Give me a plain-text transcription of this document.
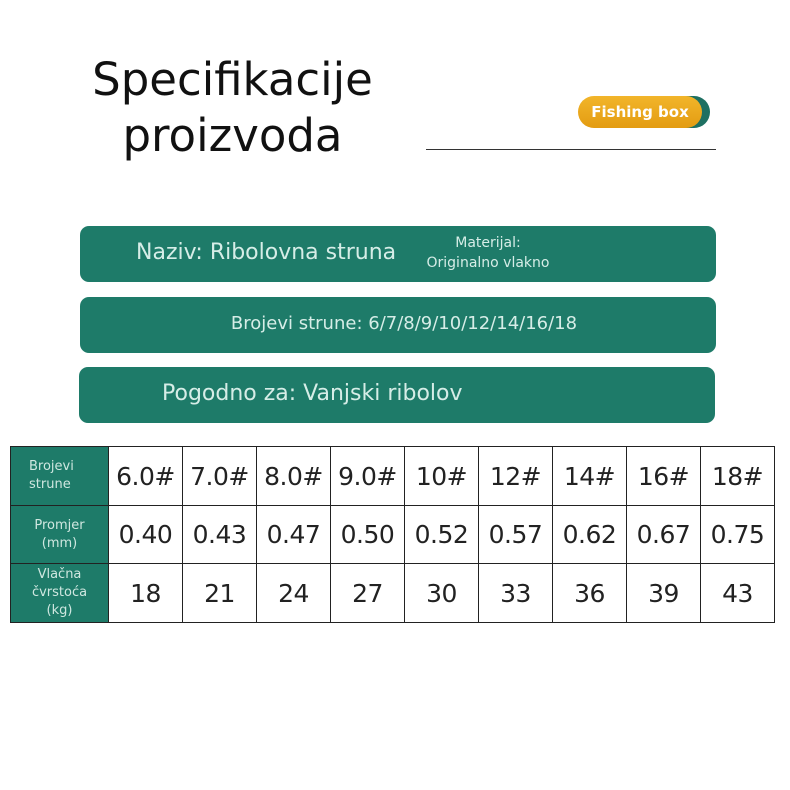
Specifikacije
proizvoda	Fishing box
Naziv: Ribolovna struna	Materijal:
Originalno vlakno
Brojevi strune: 6/7/8/9/10/12/14/16/18
Pogodno za: Vanjski ribolov
Brojevi
strune	6.0#	7.0#	8.0#	9.0#	10#	12#	14#	16#	18#

Promjer
(mm)	0.40	0.43	0.47	0.50	0.52	0.57	0.62	0.67	0.75

Vlačna
čvrstoća
(kg)	18	21	24	27	30	33	36	39	43
